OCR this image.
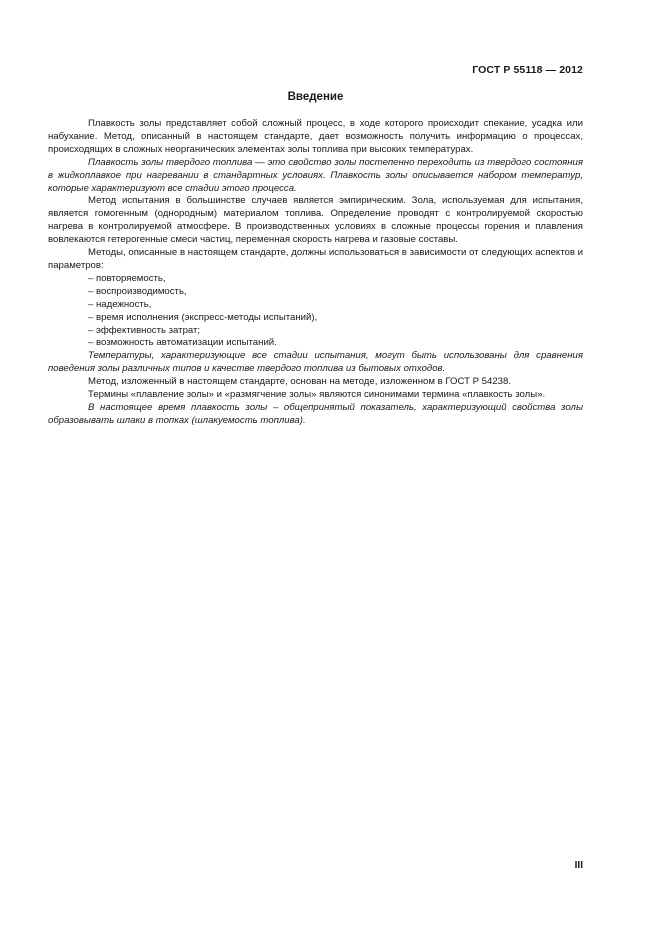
ГОСТ Р 55118 — 2012
Введение

Плавкость золы представляет собой сложный процесс, в ходе которого происходит спекание, усадка или набухание. Метод, описанный в настоящем стандарте, дает возможность получить информацию о процессах, происходящих в сложных неорганических элементах золы топлива при высоких температурах.

Плавкость золы твердого топлива — это свойство золы постепенно переходить из твердого состояния в жидкоплавкое при нагревании в стандартных условиях. Плавкость золы описывается набором температур, которые характеризуют все стадии этого процесса.

Метод испытания в большинстве случаев является эмпирическим. Зола, используемая для испытания, является гомогенным (однородным) материалом топлива. Определение проводят с контролируемой скоростью нагрева в контролируемой атмосфере. В производственных условиях в сложные процессы горения и плавления вовлекаются гетерогенные смеси частиц, переменная скорость нагрева и газовые составы.

Методы, описанные в настоящем стандарте, должны использоваться в зависимости от следующих аспектов и параметров:

– повторяемость,
– воспроизводимость,
– надежность,
– время исполнения (экспресс-методы испытаний),
– эффективность затрат;
– возможность автоматизации испытаний.

Температуры, характеризующие все стадии испытания, могут быть использованы для сравнения поведения золы различных типов и качестве твердого топлива из бытовых отходов.

Метод, изложенный в настоящем стандарте, основан на методе, изложенном в ГОСТ Р 54238.

Термины «плавление золы» и «размягчение золы» являются синонимами термина «плавкость золы».

В настоящее время плавкость золы – общепринятый показатель, характеризующий свойства золы образовывать шлаки в топках (шлакуемость топлива).

III
